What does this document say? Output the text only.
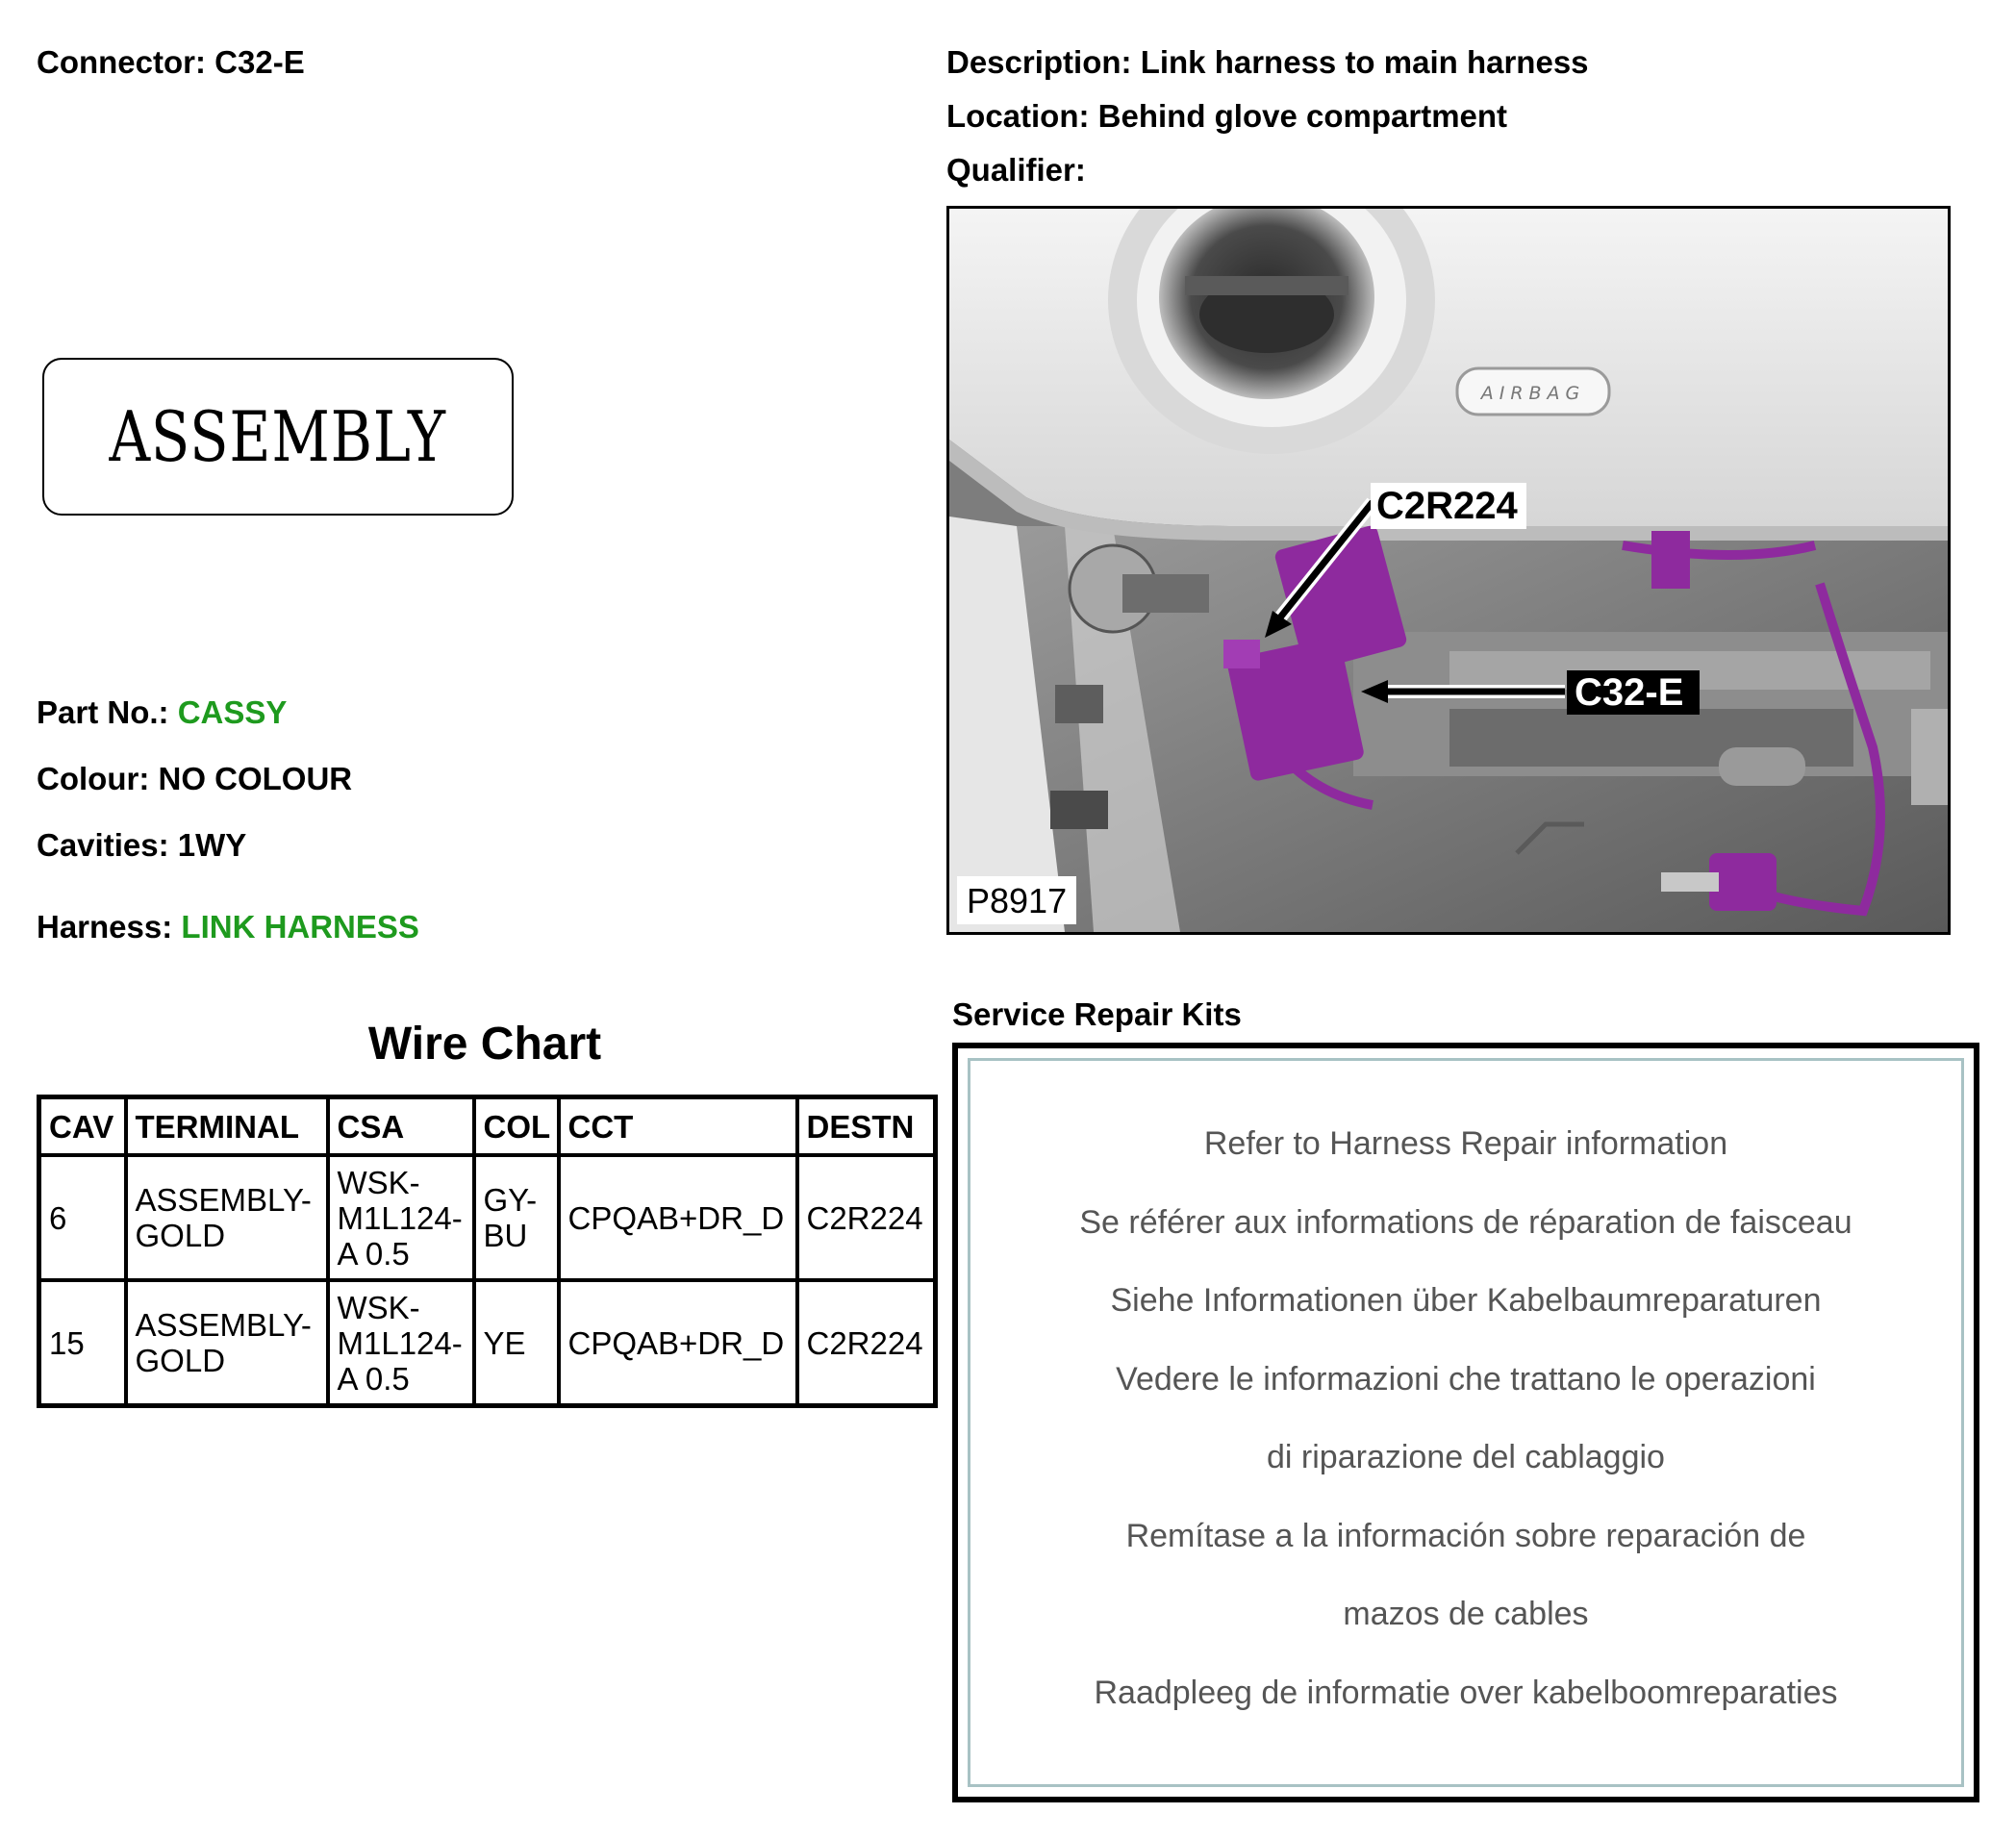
Connector: C32-E	Description: Link harness to main harness
Location: Behind glove compartment
Qualifier:
ASSEMBLY
Part No.: CASSY
Colour: NO COLOUR
Cavities: 1WY
Harness: LINK HARNESS
Wire Chart
CAV	TERMINAL	CSA	COL	CCT	DESTN
6	ASSEMBLY-GOLD	WSK-M1L124-A 0.5	GY-BU	CPQAB+DR_D	C2R224
15	ASSEMBLY-GOLD	WSK-M1L124-A 0.5	YE	CPQAB+DR_D	C2R224
AIRBAG
C2R224
C32-E
P8917
Service Repair Kits
Refer to Harness Repair information
Se référer aux informations de réparation de faisceau
Siehe Informationen über Kabelbaumreparaturen
Vedere le informazioni che trattano le operazioni
di riparazione del cablaggio
Remítase a la información sobre reparación de
mazos de cables
Raadpleeg de informatie over kabelboomreparaties
